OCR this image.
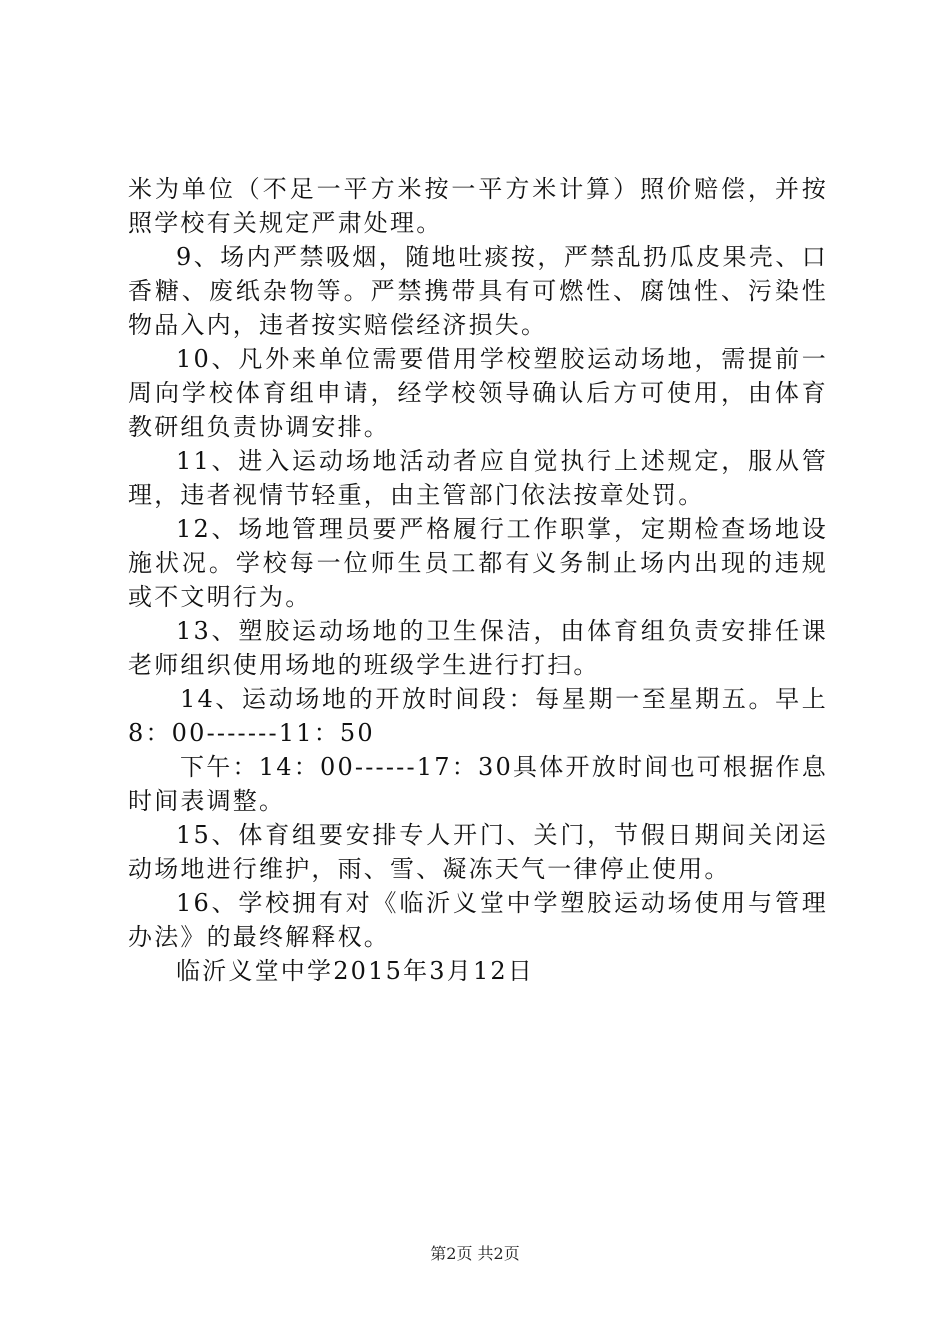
米为单位（不足一平方米按一平方米计算）照价赔偿，并按照学校有关规定严肃处理。

9、场内严禁吸烟，随地吐痰按，严禁乱扔瓜皮果壳、口香糖、废纸杂物等。严禁携带具有可燃性、腐蚀性、污染性物品入内，违者按实赔偿经济损失。

10、凡外来单位需要借用学校塑胶运动场地，需提前一周向学校体育组申请，经学校领导确认后方可使用，由体育教研组负责协调安排。

11、进入运动场地活动者应自觉执行上述规定，服从管理，违者视情节轻重，由主管部门依法按章处罚。

12、场地管理员要严格履行工作职掌，定期检查场地设施状况。学校每一位师生员工都有义务制止场内出现的违规或不文明行为。

13、塑胶运动场地的卫生保洁，由体育组负责安排任课老师组织使用场地的班级学生进行打扫。

14、运动场地的开放时间段：每星期一至星期五。早上8：00-------11：50

下午：14：00------17：30具体开放时间也可根据作息时间表调整。

15、体育组要安排专人开门、关门，节假日期间关闭运动场地进行维护，雨、雪、凝冻天气一律停止使用。

16、学校拥有对《临沂义堂中学塑胶运动场使用与管理办法》的最终解释权。

临沂义堂中学2015年3月12日

第2页 共2页
